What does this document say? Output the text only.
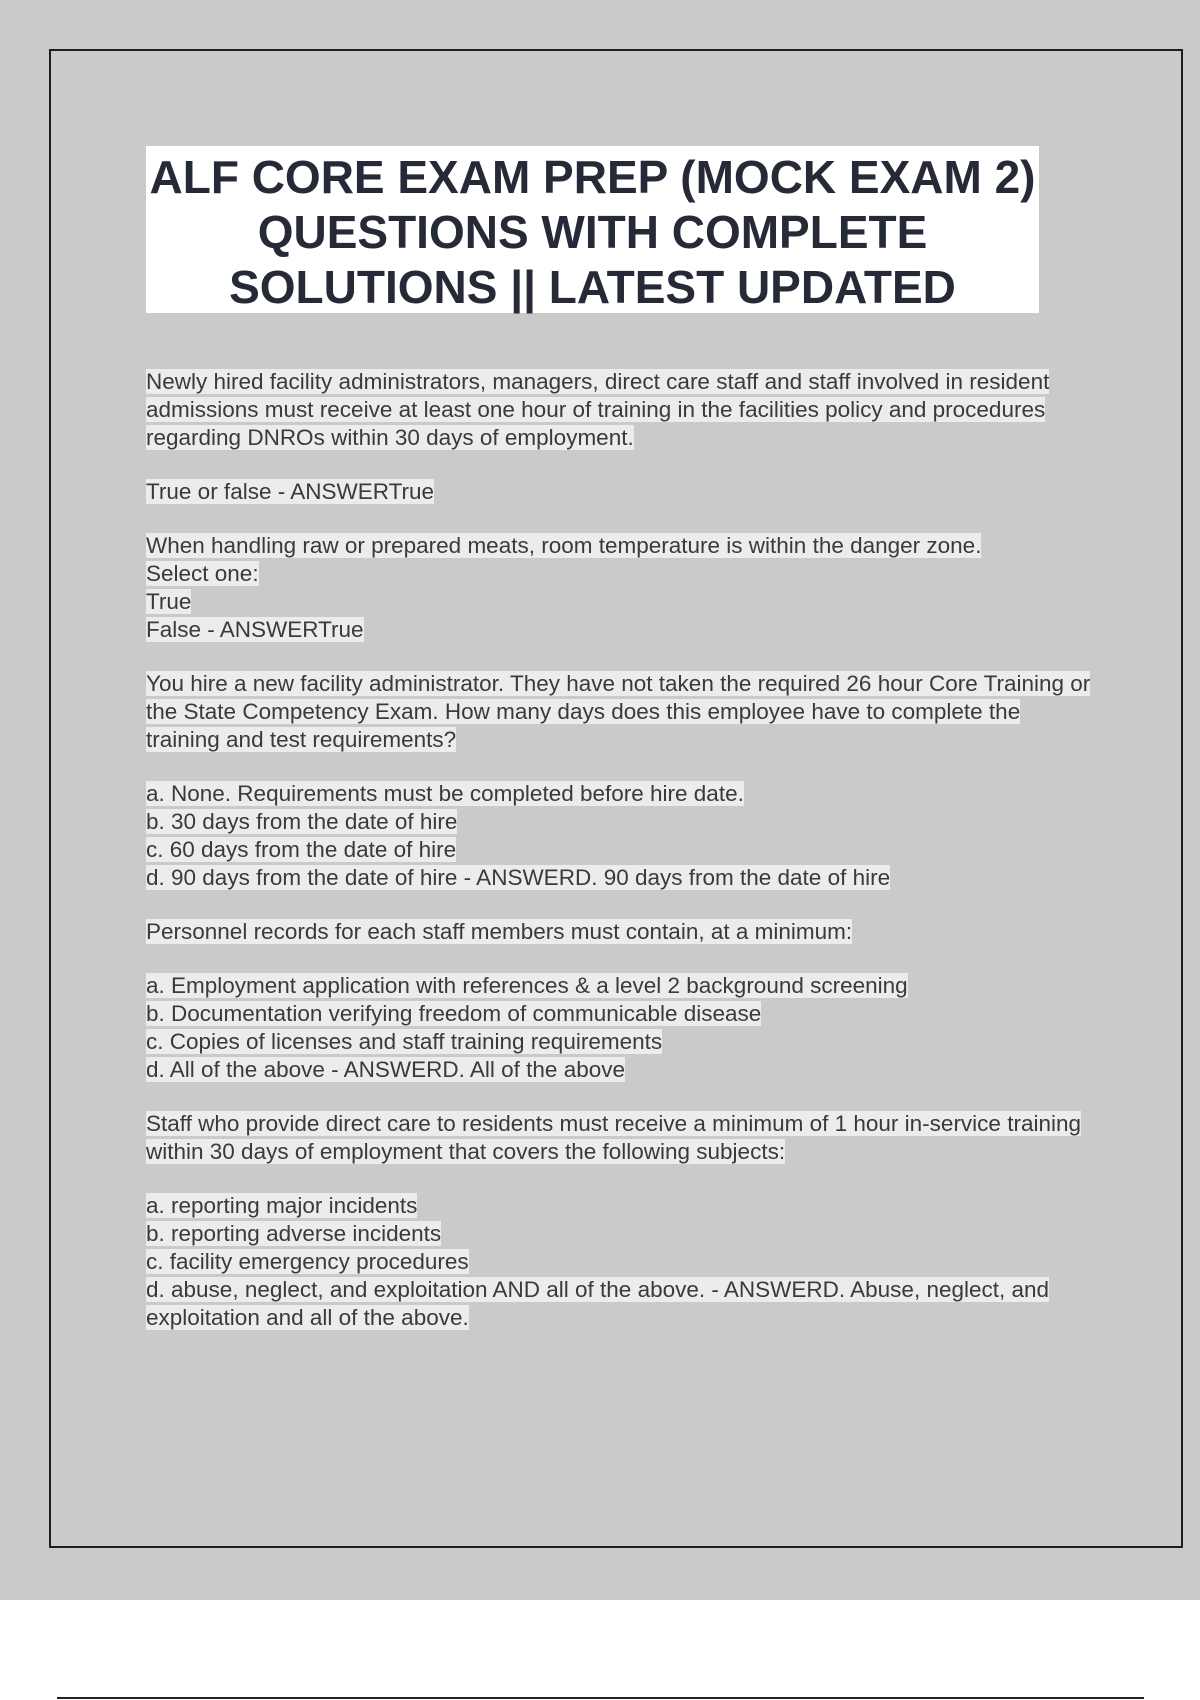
ALF CORE EXAM PREP (MOCK EXAM 2) QUESTIONS WITH COMPLETE SOLUTIONS || LATEST UPDATED

Newly hired facility administrators, managers, direct care staff and staff involved in resident admissions must receive at least one hour of training in the facilities policy and procedures regarding DNROs within 30 days of employment.

True or false - ANSWERTrue

When handling raw or prepared meats, room temperature is within the danger zone.
Select one:
True
False - ANSWERTrue

You hire a new facility administrator. They have not taken the required 26 hour Core Training or the State Competency Exam. How many days does this employee have to complete the training and test requirements?

a. None. Requirements must be completed before hire date.
b. 30 days from the date of hire
c. 60 days from the date of hire
d. 90 days from the date of hire - ANSWERD. 90 days from the date of hire

Personnel records for each staff members must contain, at a minimum:

a. Employment application with references & a level 2 background screening
b. Documentation verifying freedom of communicable disease
c. Copies of licenses and staff training requirements
d. All of the above - ANSWERD. All of the above

Staff who provide direct care to residents must receive a minimum of 1 hour in-service training within 30 days of employment that covers the following subjects:

a. reporting major incidents
b. reporting adverse incidents
c. facility emergency procedures
d. abuse, neglect, and exploitation AND all of the above. - ANSWERD. Abuse, neglect, and exploitation and all of the above.
